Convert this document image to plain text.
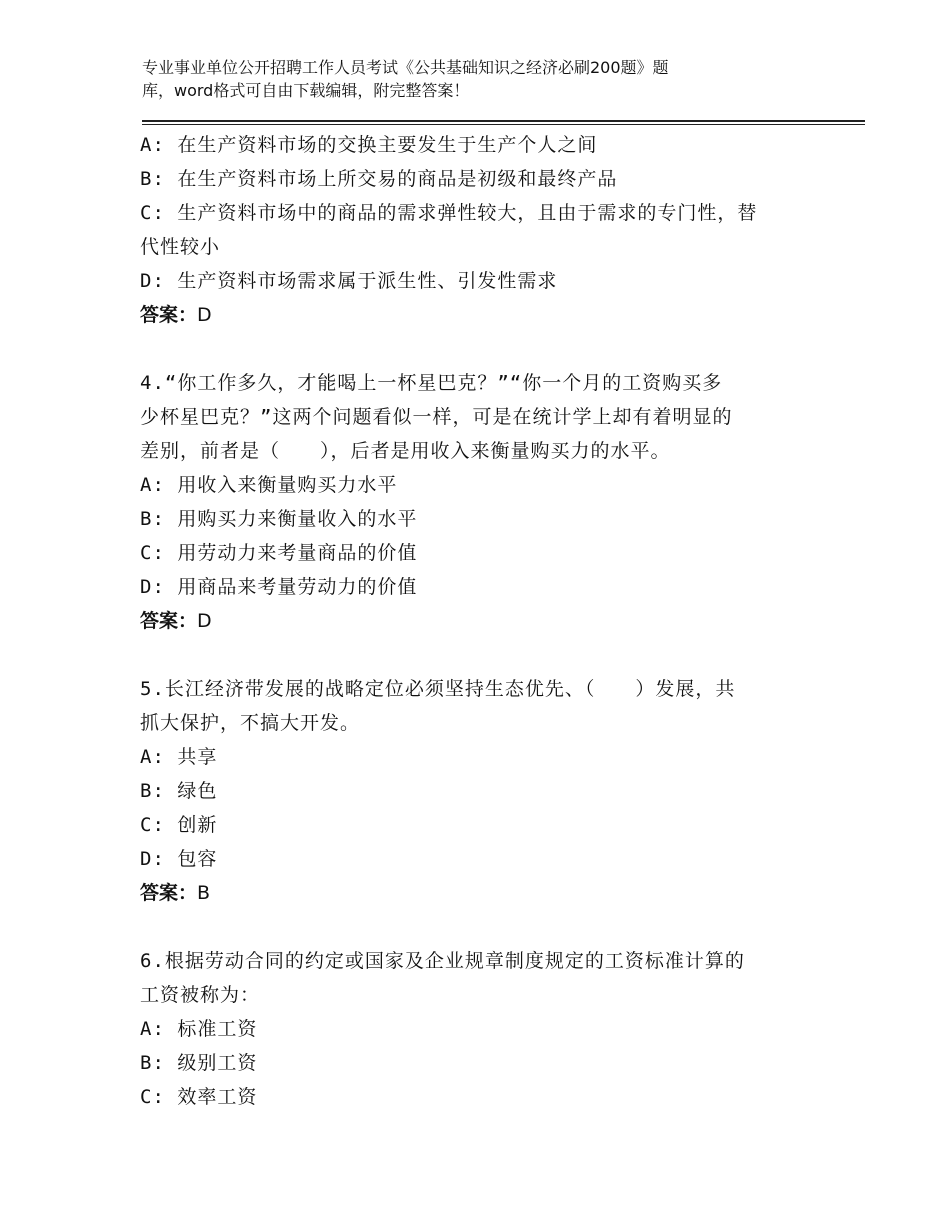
专业事业单位公开招聘工作人员考试《公共基础知识之经济必刷200题》题
库，word格式可自由下载编辑，附完整答案！
A: 在生产资料市场的交换主要发生于生产个人之间
B: 在生产资料市场上所交易的商品是初级和最终产品
C: 生产资料市场中的商品的需求弹性较大，且由于需求的专门性，替
代性较小
D: 生产资料市场需求属于派生性、引发性需求
答案：D
4.“你工作多久，才能喝上一杯星巴克？”“你一个月的工资购买多
少杯星巴克？”这两个问题看似一样，可是在统计学上却有着明显的
差别，前者是（　　），后者是用收入来衡量购买力的水平。
A: 用收入来衡量购买力水平
B: 用购买力来衡量收入的水平
C: 用劳动力来考量商品的价值
D: 用商品来考量劳动力的价值
答案：D
5.长江经济带发展的战略定位必须坚持生态优先、（　　）发展，共
抓大保护，不搞大开发。
A: 共享
B: 绿色
C: 创新
D: 包容
答案：B
6.根据劳动合同的约定或国家及企业规章制度规定的工资标准计算的
工资被称为：
A: 标准工资
B: 级别工资
C: 效率工资
